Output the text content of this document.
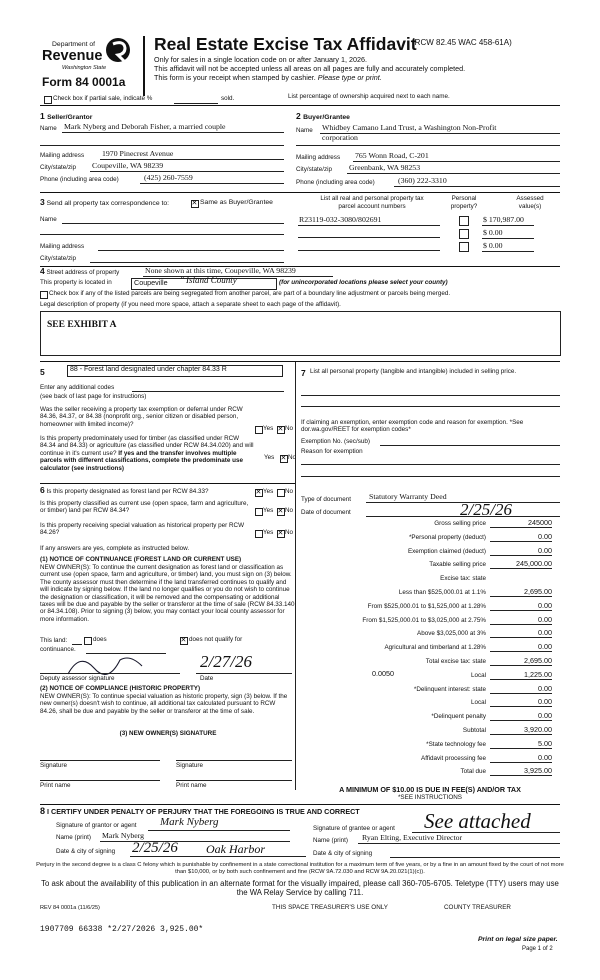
Department of
Revenue
Washington State
Form 84 0001a
Real Estate Excise Tax Affidavit
(RCW 82.45 WAC 458-61A)
Only for sales in a single location code on or after January 1, 2026.
This affidavit will not be accepted unless all areas on all pages are fully and accurately completed.
This form is your receipt when stamped by cashier. Please type or print.
Check box if partial sale, indicate %	sold.	List percentage of ownership acquired next to each name.
1 Seller/Grantor
Name Mark Nyberg and Deborah Fisher, a married couple
Mailing address 1970 Pinecrest Avenue
City/state/zip Coupeville, WA 98239
Phone (including area code)	(425) 260-7559
2 Buyer/Grantee
Name Whidbey Camano Land Trust, a Washington Non-Profit
corporation
Mailing address 765 Wonn Road, C-201
City/state/zip Greenbank, WA 98253
Phone (including area code)	(360) 222-3310
3 Send all property tax correspondence to: ✕	Same as Buyer/Grantee
Name
Mailing address
City/state/zip
List all real and personal property tax
parcel account numbers
Personal
property?
Assessed
value(s)
R23119-032-3080/802691	$ 170,987.00
$ 0.00
$ 0.00
4 Street address of property	None shown at this time, Coupeville, WA 98239
This property is located in	Coupeville " Island County	(for unincorporated locations please select your county)
Check box if any of the listed parcels are being segregated from another parcel, are part of a boundary line adjustment or parcels being merged.
Legal description of property (if you need more space, attach a separate sheet to each page of the affidavit).
SEE EXHIBIT A
5	88 - Forest land designated under chapter 84.33 R
Enter any additional codes
(see back of last page for instructions)
Was the seller receiving a property tax exemption or deferral under RCW 84.36, 84.37, or 84.38 (nonprofit org., senior citizen or disabled person, homeowner with limited income)?
Yes ✕ No
Is this property predominately used for timber (as classified under RCW 84.34 and 84.33) or agriculture (as classified under RCW 84.34.020) and will continue in it's current use? If yes and the transfer involves multiple parcels with different classifications, complete the predominate use calculator (see instructions)
Yes ✕ No
6 Is this property designated as forest land per RCW 84.33? ✕	Yes No
Is this property classified as current use (open space, farm and agriculture, or timber) land per RCW 84.34?	Yes ✕ No
Is this property receiving special valuation as historical property per RCW 84.26?	Yes ✕ No
If any answers are yes, complete as instructed below.
(1) NOTICE OF CONTINUANCE (FOREST LAND OR CURRENT USE)
NEW OWNER(S): To continue the current designation as forest land or classification as current use (open space, farm and agriculture, or timber) land, you must sign on (3) below. The county assessor must then determine if the land transferred continues to qualify and will indicate by signing below. If the land no longer qualifies or you do not wish to continue the designation or classification, it will be removed and the compensating or additional taxes will be due and payable by the seller or transferor at the time of sale (RCW 84.33.140 or 84.34.108). Prior to signing (3) below, you may contact your local county assessor for more information.
This land:	does ✕	does not qualify for
continuance.
2/27/26
Deputy assessor signature	Date
(2) NOTICE OF COMPLIANCE (HISTORIC PROPERTY)
NEW OWNER(S): To continue special valuation as historic property, sign (3) below. If the new owner(s) doesn't wish to continue, all additional tax calculated pursuant to RCW 84.26, shall be due and payable by the seller or transferor at the time of sale.
(3) NEW OWNER(S) SIGNATURE
Signature	Signature
Print name	Print name
7 List all personal property (tangible and intangible) included in selling price.
If claiming an exemption, enter exemption code and reason for exemption. *See dor.wa.gov/REET for exemption codes*
Exemption No. (sec/sub)
Reason for exemption
Type of document Statutory Warranty Deed
Date of document	2/25/26
Gross selling price	245000
*Personal property (deduct)	0.00
Exemption claimed (deduct)	0.00
Taxable selling price	245,000.00
Excise tax: state
Less than $525,000.01 at 1.1%	2,695.00
From $525,000.01 to $1,525,000 at 1.28%	0.00
From $1,525,000.01 to $3,025,000 at 2.75%	0.00
Above $3,025,000 at 3%	0.00
Agricultural and timberland at 1.28%	0.00
Total excise tax: state	2,695.00
Local	1,225.00
*Delinquent interest: state	0.00
Local	0.00
*Delinquent penalty	0.00
Subtotal	3,920.00
*State technology fee	5.00
Affidavit processing fee	0.00
Total due	3,925.00
0.0050
A MINIMUM OF $10.00 IS DUE IN FEE(S) AND/OR TAX
*SEE INSTRUCTIONS
8 I CERTIFY UNDER PENALTY OF PERJURY THAT THE FOREGOING IS TRUE AND CORRECT
Signature of grantor or agent Mark Nyberg
Name (print) Mark Nyberg
Date & city of signing 2/25/26 Oak Harbor
Signature of grantee or agent See attached
Name (print) Ryan Elting, Executive Director
Date & city of signing
Perjury in the second degree is a class C felony which is punishable by confinement in a state correctional institution for a maximum term of five years, or by a fine in an amount fixed by the court of not more than $10,000, or by both such confinement and fine (RCW 9A.72.030 and RCW 9A.20.021(1)(c)).
To ask about the availability of this publication in an alternate format for the visually impaired, please call 360-705-6705. Teletype (TTY) users may use the WA Relay Service by calling 711.
REV 84 0001a (11/6/25)	THIS SPACE TREASURER'S USE ONLY	COUNTY TREASURER
1907709 66338 *2/27/2026 3,925.00*
Print on legal size paper.
Page 1 of 2
